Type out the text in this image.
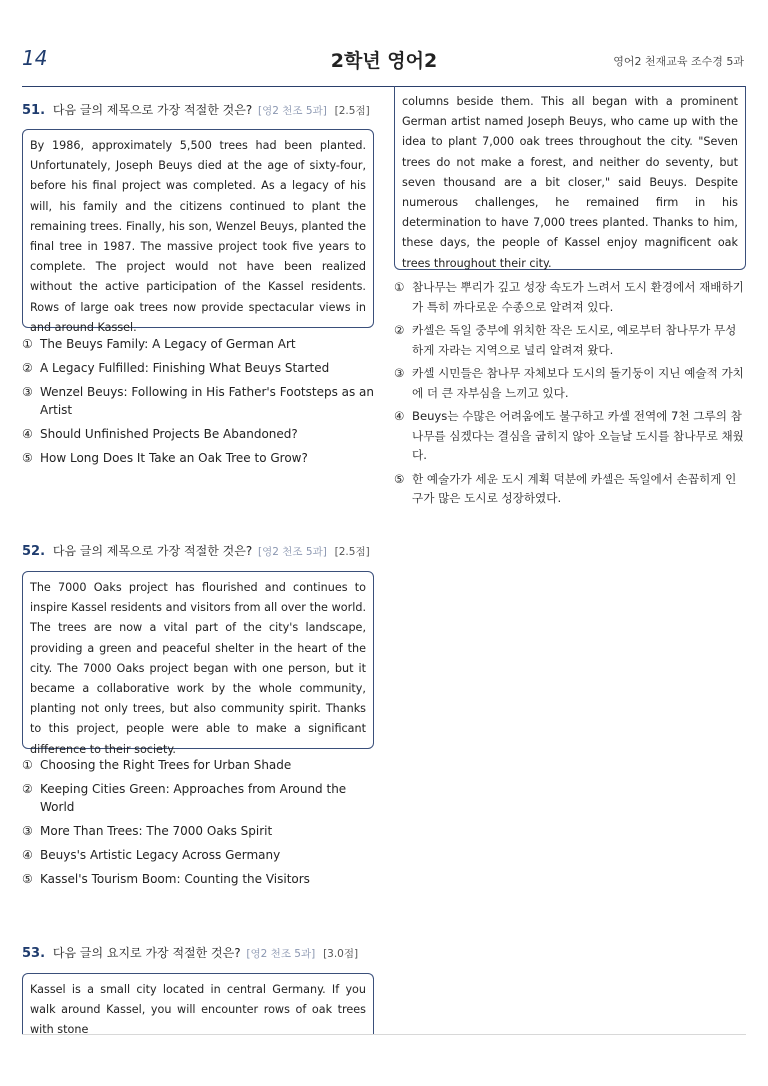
14	2학년 영어2	영어2 천재교육 조수경 5과
51. 다음 글의 제목으로 가장 적절한 것은? [영2 천조 5과] [2.5점]
By 1986, approximately 5,500 trees had been planted. Unfortunately, Joseph Beuys died at the age of sixty-four, before his final project was completed. As a legacy of his will, his family and the citizens continued to plant the remaining trees. Finally, his son, Wenzel Beuys, planted the final tree in 1987. The massive project took five years to complete. The project would not have been realized without the active participation of the Kassel residents. Rows of large oak trees now provide spectacular views in and around Kassel.
① The Beuys Family: A Legacy of German Art
② A Legacy Fulfilled: Finishing What Beuys Started
③ Wenzel Beuys: Following in His Father's Footsteps as an Artist
④ Should Unfinished Projects Be Abandoned?
⑤ How Long Does It Take an Oak Tree to Grow?
52. 다음 글의 제목으로 가장 적절한 것은? [영2 천조 5과] [2.5점]
The 7000 Oaks project has flourished and continues to inspire Kassel residents and visitors from all over the world. The trees are now a vital part of the city's landscape, providing a green and peaceful shelter in the heart of the city. The 7000 Oaks project began with one person, but it became a collaborative work by the whole community, planting not only trees, but also community spirit. Thanks to this project, people were able to make a significant difference to their society.
① Choosing the Right Trees for Urban Shade
② Keeping Cities Green: Approaches from Around the World
③ More Than Trees: The 7000 Oaks Spirit
④ Beuys's Artistic Legacy Across Germany
⑤ Kassel's Tourism Boom: Counting the Visitors
53. 다음 글의 요지로 가장 적절한 것은? [영2 천조 5과] [3.0점]
Kassel is a small city located in central Germany. If you walk around Kassel, you will encounter rows of oak trees with stone
columns beside them. This all began with a prominent German artist named Joseph Beuys, who came up with the idea to plant 7,000 oak trees throughout the city. "Seven trees do not make a forest, and neither do seventy, but seven thousand are a bit closer," said Beuys. Despite numerous challenges, he remained firm in his determination to have 7,000 trees planted. Thanks to him, these days, the people of Kassel enjoy magnificent oak trees throughout their city.
① 참나무는 뿌리가 깊고 성장 속도가 느려서 도시 환경에서 재배하기가 특히 까다로운 수종으로 알려져 있다.
② 카셀은 독일 중부에 위치한 작은 도시로, 예로부터 참나무가 무성하게 자라는 지역으로 널리 알려져 왔다.
③ 카셀 시민들은 참나무 자체보다 도시의 돌기둥이 지닌 예술적 가치에 더 큰 자부심을 느끼고 있다.
④ Beuys는 수많은 어려움에도 불구하고 카셀 전역에 7천 그루의 참나무를 심겠다는 결심을 굽히지 않아 오늘날 도시를 참나무로 채웠다.
⑤ 한 예술가가 세운 도시 계획 덕분에 카셀은 독일에서 손꼽히게 인구가 많은 도시로 성장하였다.
